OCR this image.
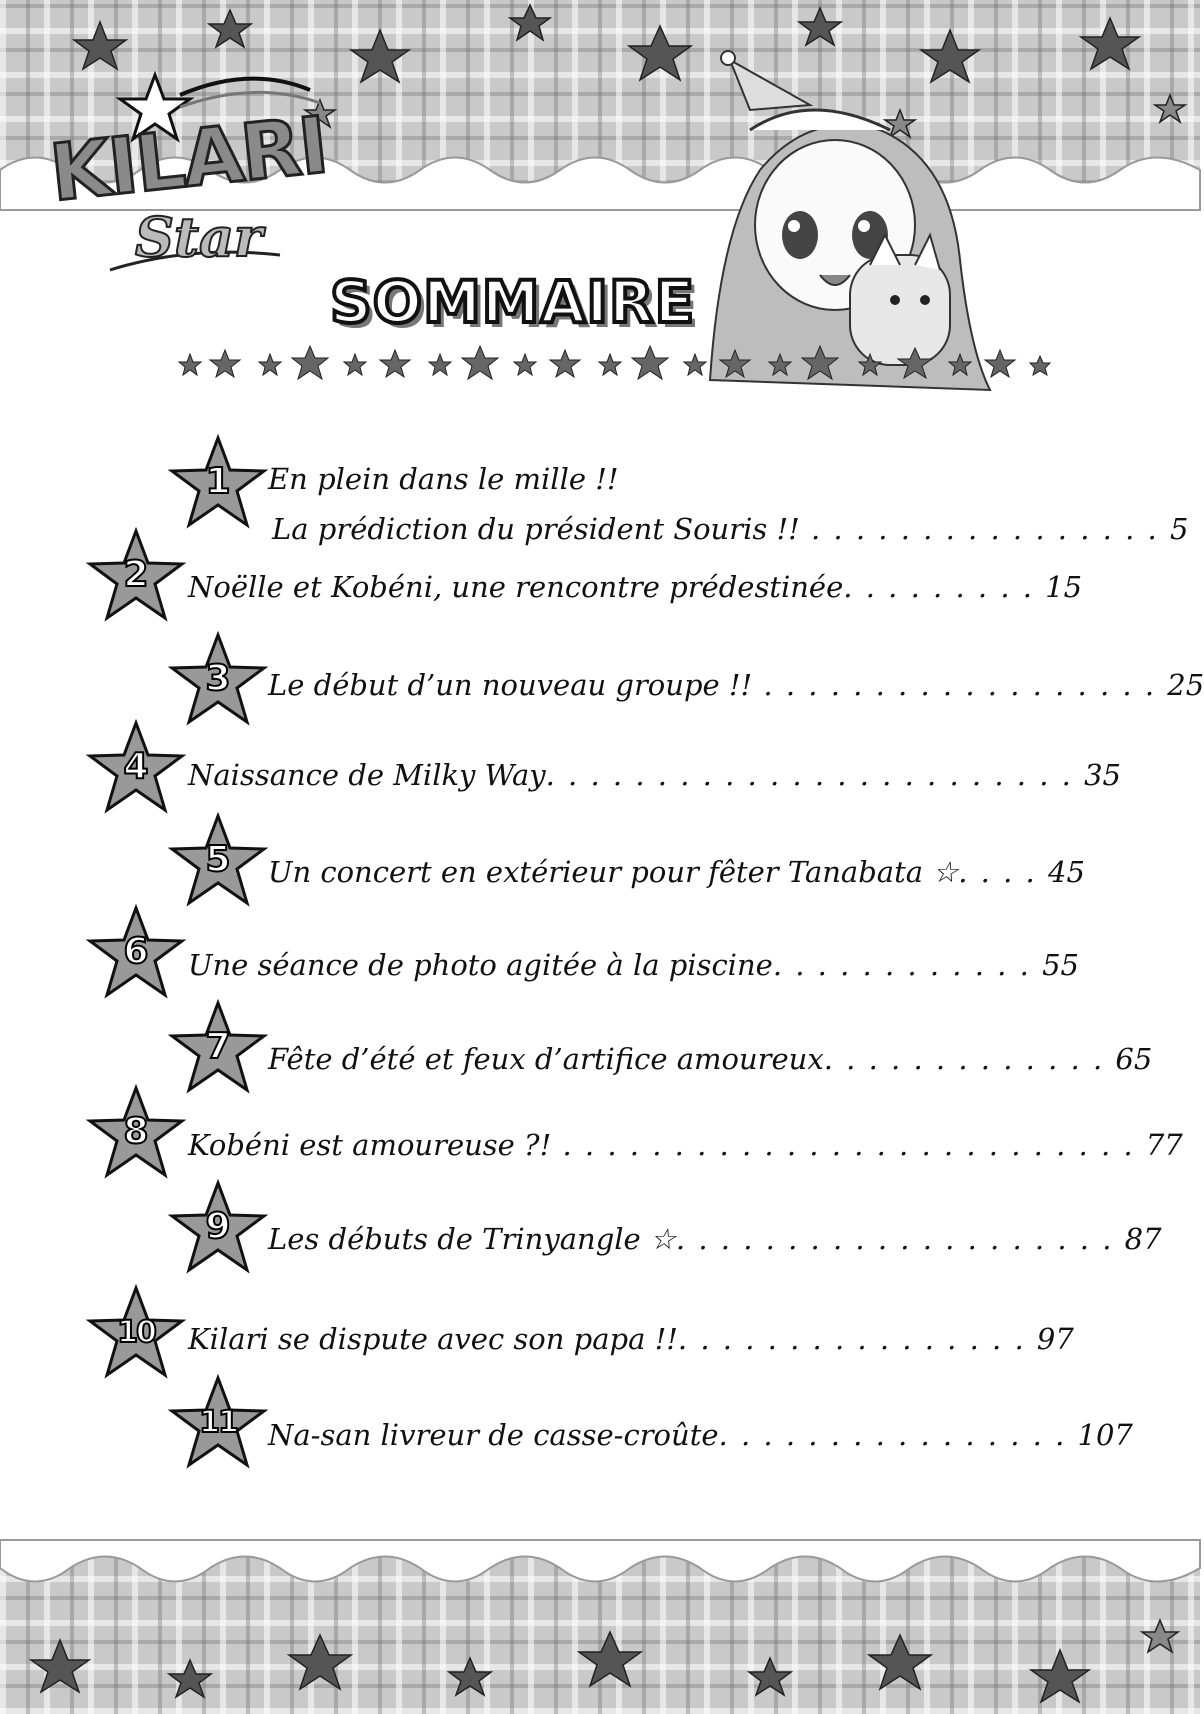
KILARI
Star
SOMMAIRE
1	En plein dans le mille !!
La prédiction du président Souris !! . . . . . . . . . . . . . . . . 5
2	Noëlle et Kobéni, une rencontre prédestinée. . . . . . . . . 15
3	Le début d’un nouveau groupe !! . . . . . . . . . . . . . . . . . . 25
4	Naissance de Milky Way. . . . . . . . . . . . . . . . . . . . . . . . 35
5	Un concert en extérieur pour fêter Tanabata ☆. . . . 45
6	Une séance de photo agitée à la piscine. . . . . . . . . . . . 55
7	Fête d’été et feux d’artifice amoureux. . . . . . . . . . . . . 65
8	Kobéni est amoureuse ?! . . . . . . . . . . . . . . . . . . . . . . . . . . 77
9	Les débuts de Trinyangle ☆. . . . . . . . . . . . . . . . . . . . 87
10	Kilari se dispute avec son papa !!. . . . . . . . . . . . . . . . 97
11	Na-san livreur de casse-croûte. . . . . . . . . . . . . . . . 107
